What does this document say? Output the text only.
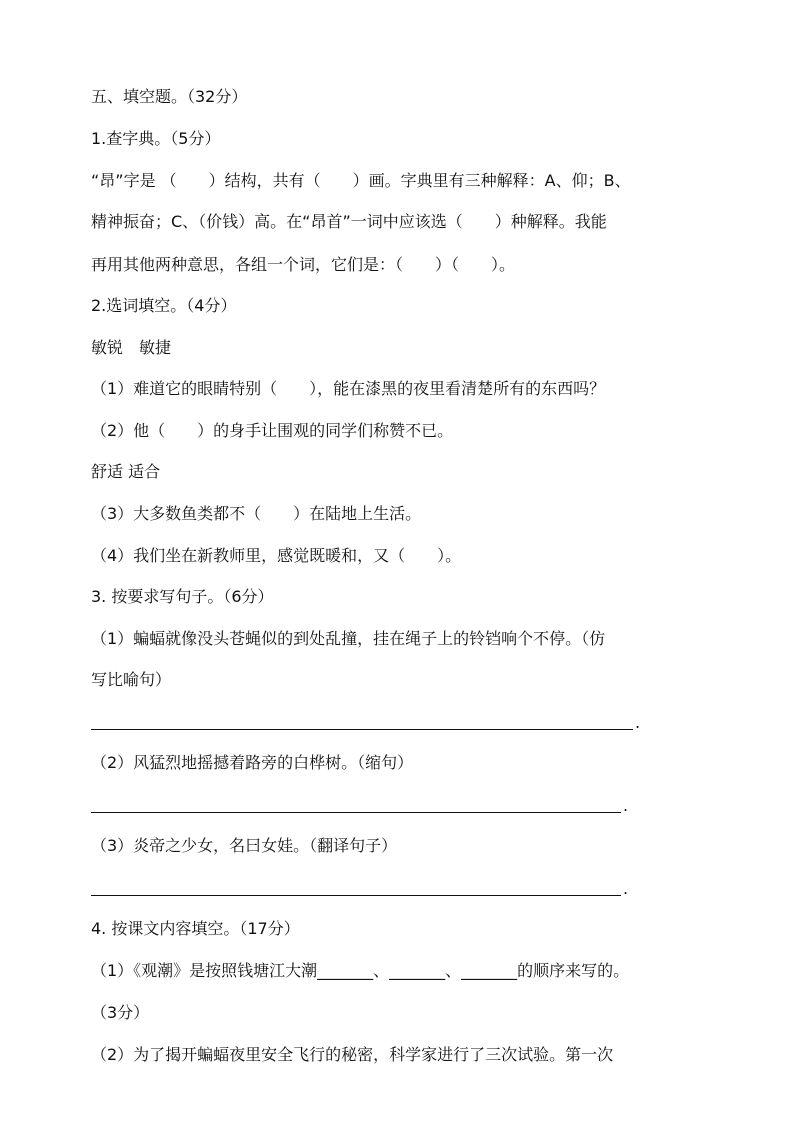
五、填空题。（32分）
1.查字典。（5分）
“昂”字是 （　　）结构，共有（　　）画。字典里有三种解释：A、仰；B、
精神振奋；C、（价钱）高。在“昂首”一词中应该选（　　）种解释。我能
再用其他两种意思，各组一个词，它们是：（　　）（　　）。
2.选词填空。（4分）
敏锐　敏捷
（1）难道它的眼睛特别（　　），能在漆黑的夜里看清楚所有的东西吗？
（2）他（　　）的身手让围观的同学们称赞不已。
舒适 适合
（3）大多数鱼类都不（　　）在陆地上生活。
（4）我们坐在新教师里，感觉既暖和，又（　　）。
3. 按要求写句子。（6分）
（1）蝙蝠就像没头苍蝇似的到处乱撞，挂在绳子上的铃铛响个不停。（仿
写比喻句）
.
（2）风猛烈地摇撼着路旁的白桦树。（缩句）
.
（3）炎帝之少女，名曰女娃。（翻译句子）
.
4. 按课文内容填空。（17分）
（1）《观潮》是按照钱塘江大潮_______、_______、_______的顺序来写的。
（3分）
（2）为了揭开蝙蝠夜里安全飞行的秘密，科学家进行了三次试验。第一次
